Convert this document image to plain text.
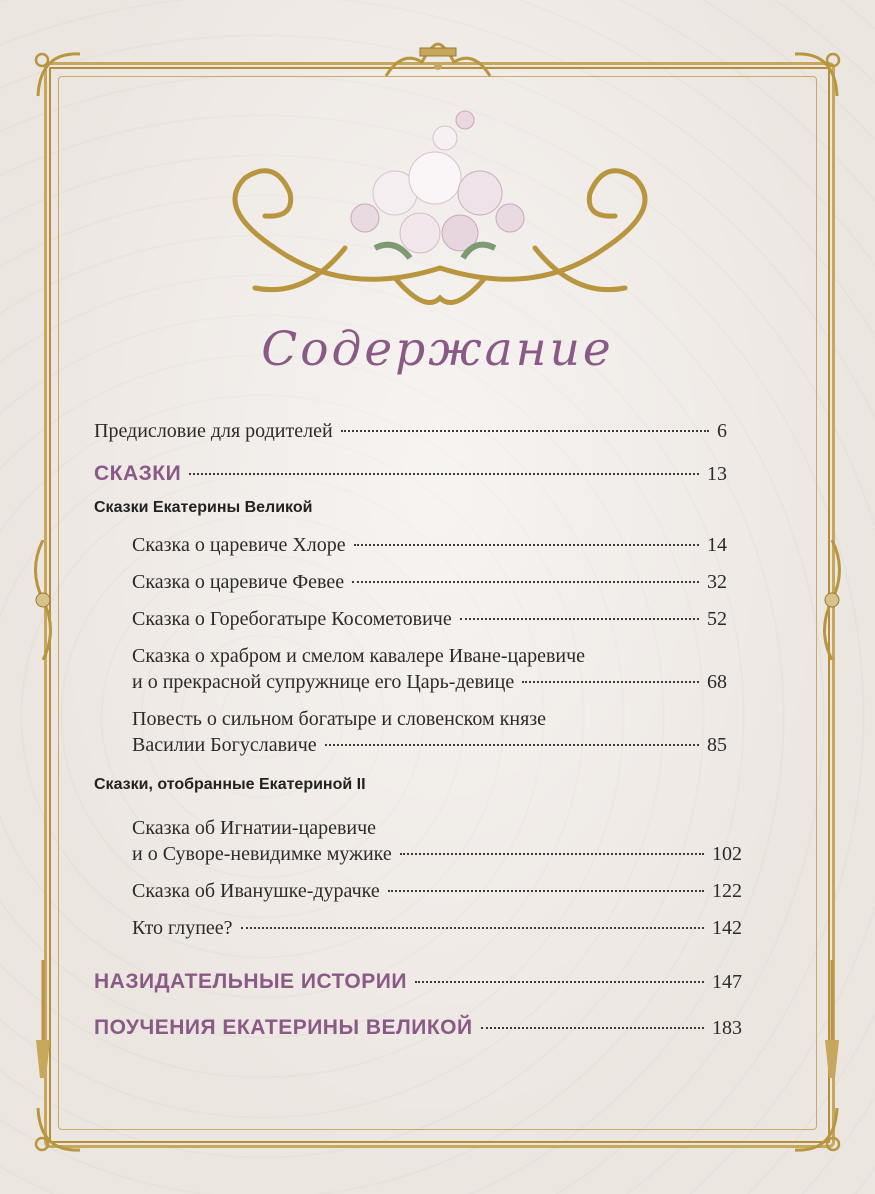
Содержание
Предисловие для родителей	6
СКАЗКИ	13
Сказки Екатерины Великой
Сказка о царевиче Хлоре	14
Сказка о царевиче Февее	32
Сказка о Горебогатыре Косометовиче	52
Сказка о храбром и смелом кавалере Иване-царевиче
и о прекрасной супружнице его Царь-девице	68
Повесть о сильном богатыре и словенском князе
Василии Богуславиче	85
Сказки, отобранные Екатериной II
Сказка об Игнатии-царевиче
и о Суворе-невидимке мужике	102
Сказка об Иванушке-дурачке	122
Кто глупее?	142
НАЗИДАТЕЛЬНЫЕ ИСТОРИИ	147
ПОУЧЕНИЯ ЕКАТЕРИНЫ ВЕЛИКОЙ	183
